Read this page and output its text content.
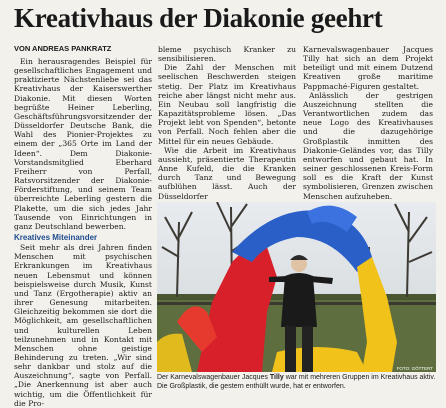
Kreativhaus der Diakonie geehrt
VON ANDREAS PANKRATZ

Ein herausragendes Beispiel für gesellschaftliches Engagement und praktizierte Nächstenliebe sei das Kreativhaus der Kaiserswerther Diakonie. Mit diesen Worten begrüßte Heiner Leberling, Geschäftsführungsvorsitzender der Düsseldorfer Deutsche Bank, die Wahl des Pionier-Projektes zu einem der „365 Orte im Land der Ideen“. Dem Diakonie-Vorstandsmitglied Eberhard Freiherr von Perfall, Ratsvorsitzender der Diakonie-Förderstiftung, und seinem Team überreichte Leberling gestern die Plakette, um die sich jedes Jahr Tausende von Einrichtungen in ganz Deutschland bewerben.

Kreatives Miteinander

Seit mehr als drei Jahren finden Menschen mit psychischen Erkrankungen im Kreativhaus neuen Lebensmut und können beispielsweise durch Musik, Kunst und Tanz (Ergotherapie) aktiv an ihrer Genesung mitarbeiten. Gleichzeitig bekommen sie dort die Möglichkeit, am gesellschaftlichen und kulturellen Leben teilzunehmen und in Kontakt mit Menschen ohne geistige Behinderung zu treten. „Wir sind sehr dankbar und stolz auf die Auszeichnung“, sagte von Perfall. „Die Anerkennung ist aber auch wichtig, um die Öffentlichkeit für die Pro-

bleme psychisch Kranker zu sensibilisieren.

Die Zahl der Menschen mit seelischen Beschwerden steigen stetig. Der Platz im Kreativhaus reiche aber längst nicht mehr aus. Ein Neubau soll langfristig die Kapazitätsprobleme lösen. „Das Projekt lebt von Spenden“, betonte von Perfall. Noch fehlen aber die Mittel für ein neues Gebäude.

Wie die Arbeit im Kreativhaus aussieht, präsentierte Therapeutin Anne Kufeld, die die Kranken durch Tanz und Bewegung aufblühen lässt. Auch der Düsseldorfer

Karnevalswagenbauer Jacques Tilly hat sich an dem Projekt beteiligt und mit einem Dutzend Kreativen große maritime Pappmaché-Figuren gestaltet.

Anlässlich der gestrigen Auszeichnung stellten die Verantwortlichen zudem das neue Logo des Kreativhauses und die dazugehörige Großplastik inmitten des Diakonie-Geländes vor, das Tilly entworfen und gebaut hat. In seiner geschlossenen Kreis-Form soll es die Kraft der Kunst symbolisieren, Grenzen zwischen Menschen aufzuheben.

FOTO: GÖTTERT
Der Karnevalswagenbauer Jacques Tilly war mit mehreren Gruppen im Kreativhaus aktiv. Die Großplastik, die gestern enthüllt wurde, hat er entworfen.
